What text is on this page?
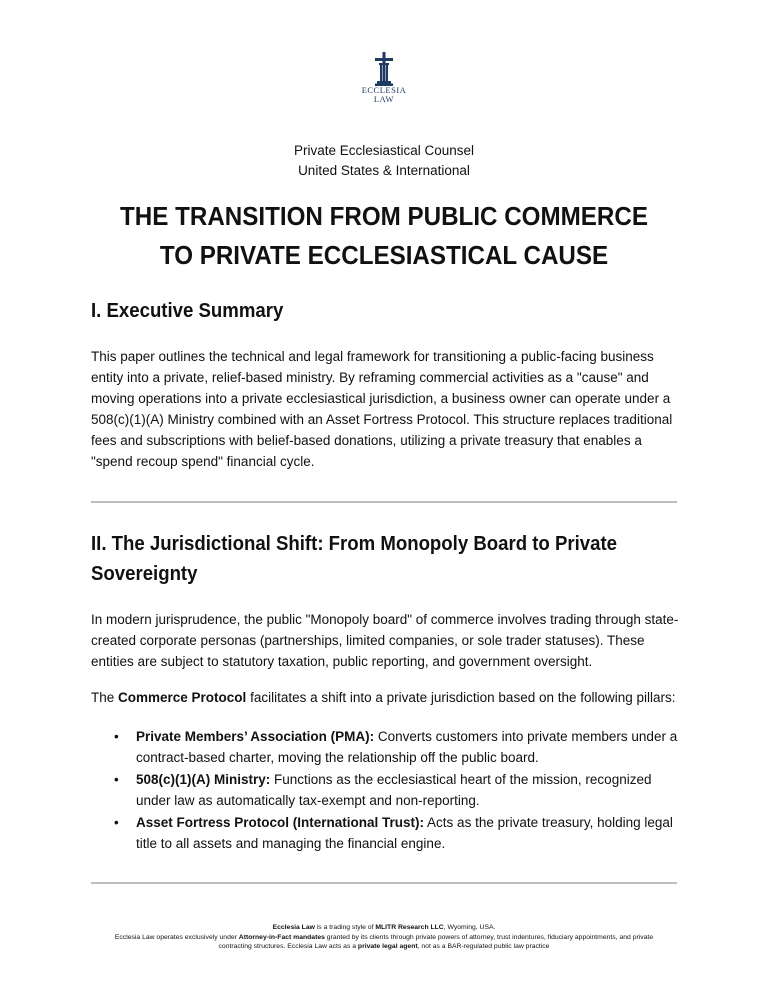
ECCLESIA
LAW
Private Ecclesiastical Counsel
United States & International
THE TRANSITION FROM PUBLIC COMMERCE
TO PRIVATE ECCLESIASTICAL CAUSE
I. Executive Summary
This paper outlines the technical and legal framework for transitioning a public-facing business entity into a private, relief-based ministry. By reframing commercial activities as a "cause" and moving operations into a private ecclesiastical jurisdiction, a business owner can operate under a 508(c)(1)(A) Ministry combined with an Asset Fortress Protocol. This structure replaces traditional fees and subscriptions with belief-based donations, utilizing a private treasury that enables a "spend recoup spend" financial cycle.
II. The Jurisdictional Shift: From Monopoly Board to Private Sovereignty
In modern jurisprudence, the public "Monopoly board" of commerce involves trading through state-created corporate personas (partnerships, limited companies, or sole trader statuses). These entities are subject to statutory taxation, public reporting, and government oversight.
The Commerce Protocol facilitates a shift into a private jurisdiction based on the following pillars:
• Private Members’ Association (PMA): Converts customers into private members under a contract-based charter, moving the relationship off the public board.
• 508(c)(1)(A) Ministry: Functions as the ecclesiastical heart of the mission, recognized under law as automatically tax-exempt and non-reporting.
• Asset Fortress Protocol (International Trust): Acts as the private treasury, holding legal title to all assets and managing the financial engine.
Ecclesia Law is a trading style of MLITR Research LLC, Wyoming, USA.
Ecclesia Law operates exclusively under Attorney-in-Fact mandates granted by its clients through private powers of attorney, trust indentures, fiduciary appointments, and private
contracting structures. Ecclesia Law acts as a private legal agent, not as a BAR-regulated public law practice
